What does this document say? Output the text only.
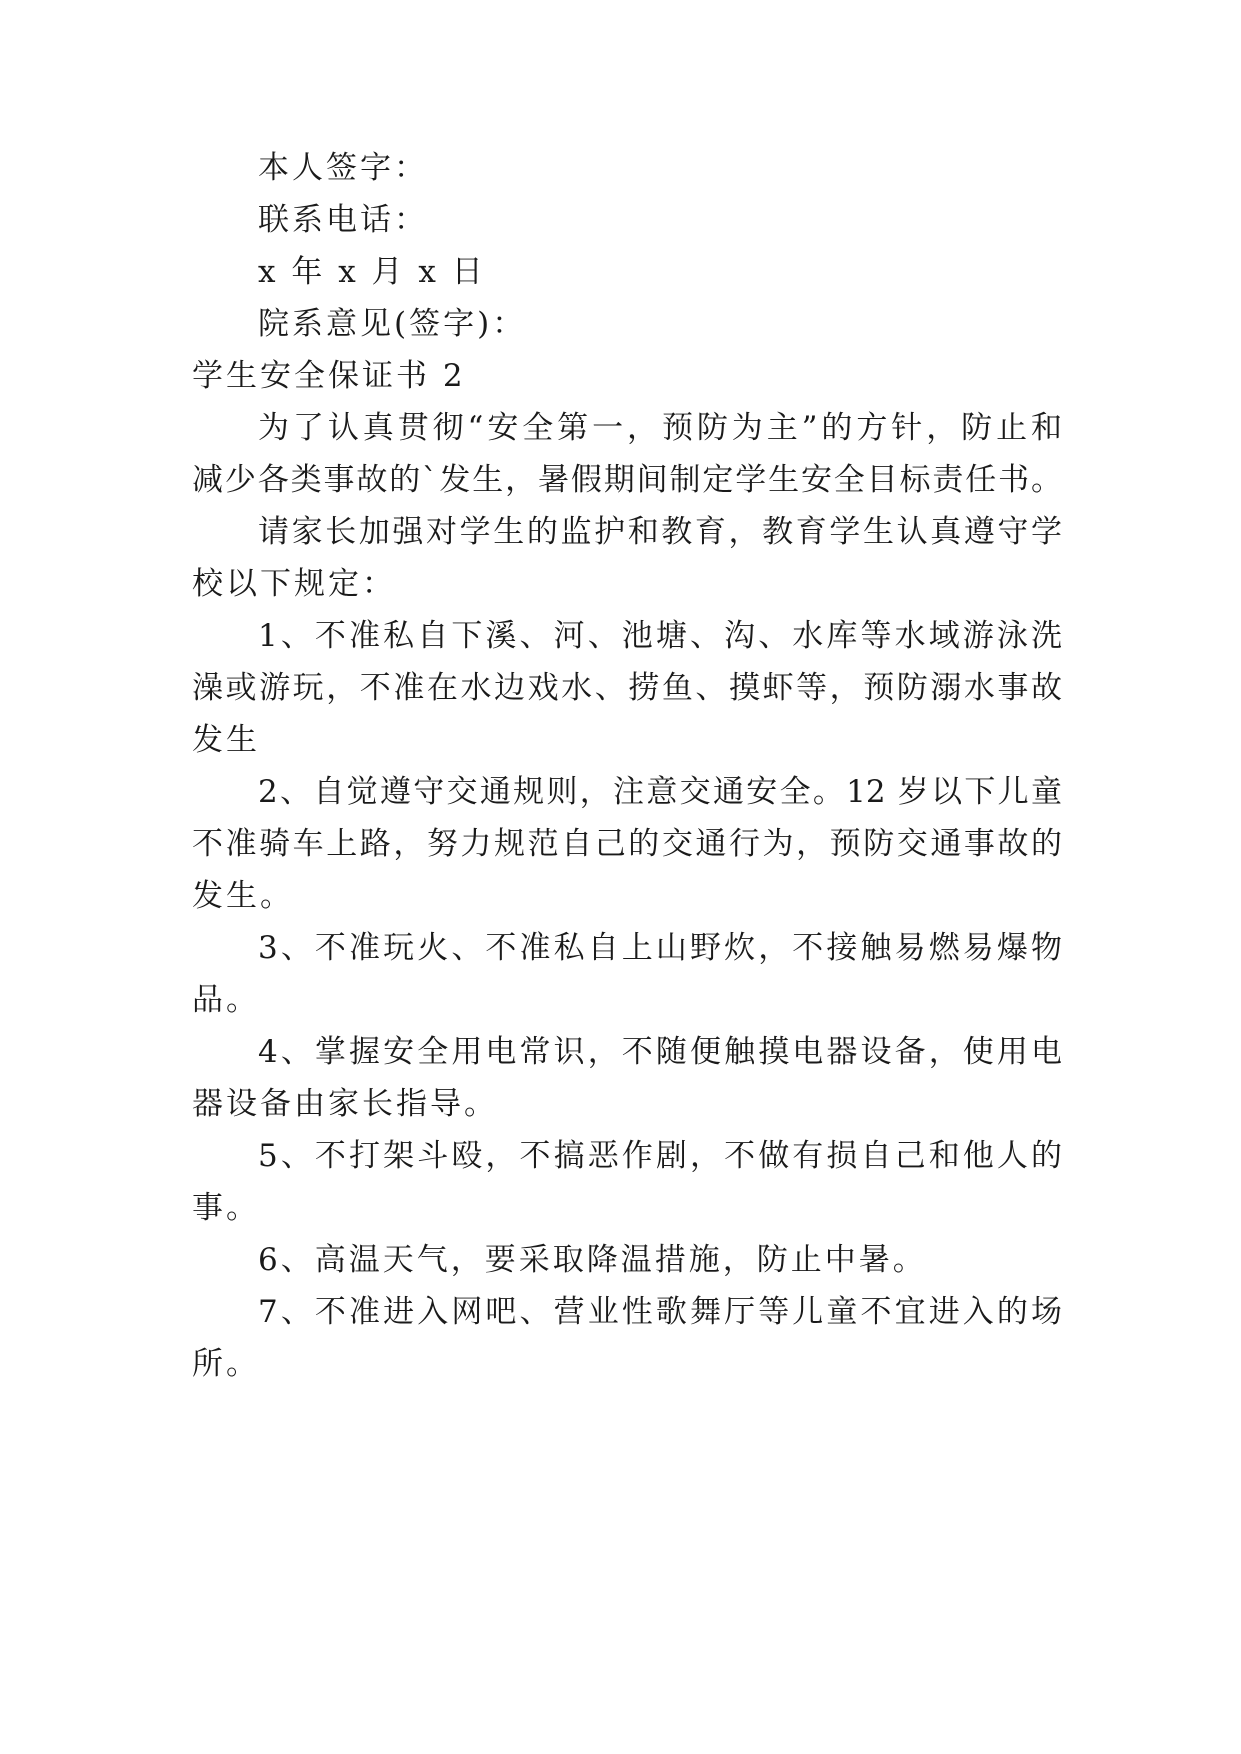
本人签字：
联系电话：
x 年 x 月 x 日
院系意见(签字)：
学生安全保证书 2
为了认真贯彻“安全第一，预防为主”的方针，防止和
减少各类事故的`发生，暑假期间制定学生安全目标责任书。
请家长加强对学生的监护和教育，教育学生认真遵守学
校以下规定：
1、不准私自下溪、河、池塘、沟、水库等水域游泳洗
澡或游玩，不准在水边戏水、捞鱼、摸虾等，预防溺水事故
发生
2、自觉遵守交通规则，注意交通安全。12 岁以下儿童
不准骑车上路，努力规范自己的交通行为，预防交通事故的
发生。
3、不准玩火、不准私自上山野炊，不接触易燃易爆物
品。
4、掌握安全用电常识，不随便触摸电器设备，使用电
器设备由家长指导。
5、不打架斗殴，不搞恶作剧，不做有损自己和他人的
事。
6、高温天气，要采取降温措施，防止中暑。
7、不准进入网吧、营业性歌舞厅等儿童不宜进入的场
所。
